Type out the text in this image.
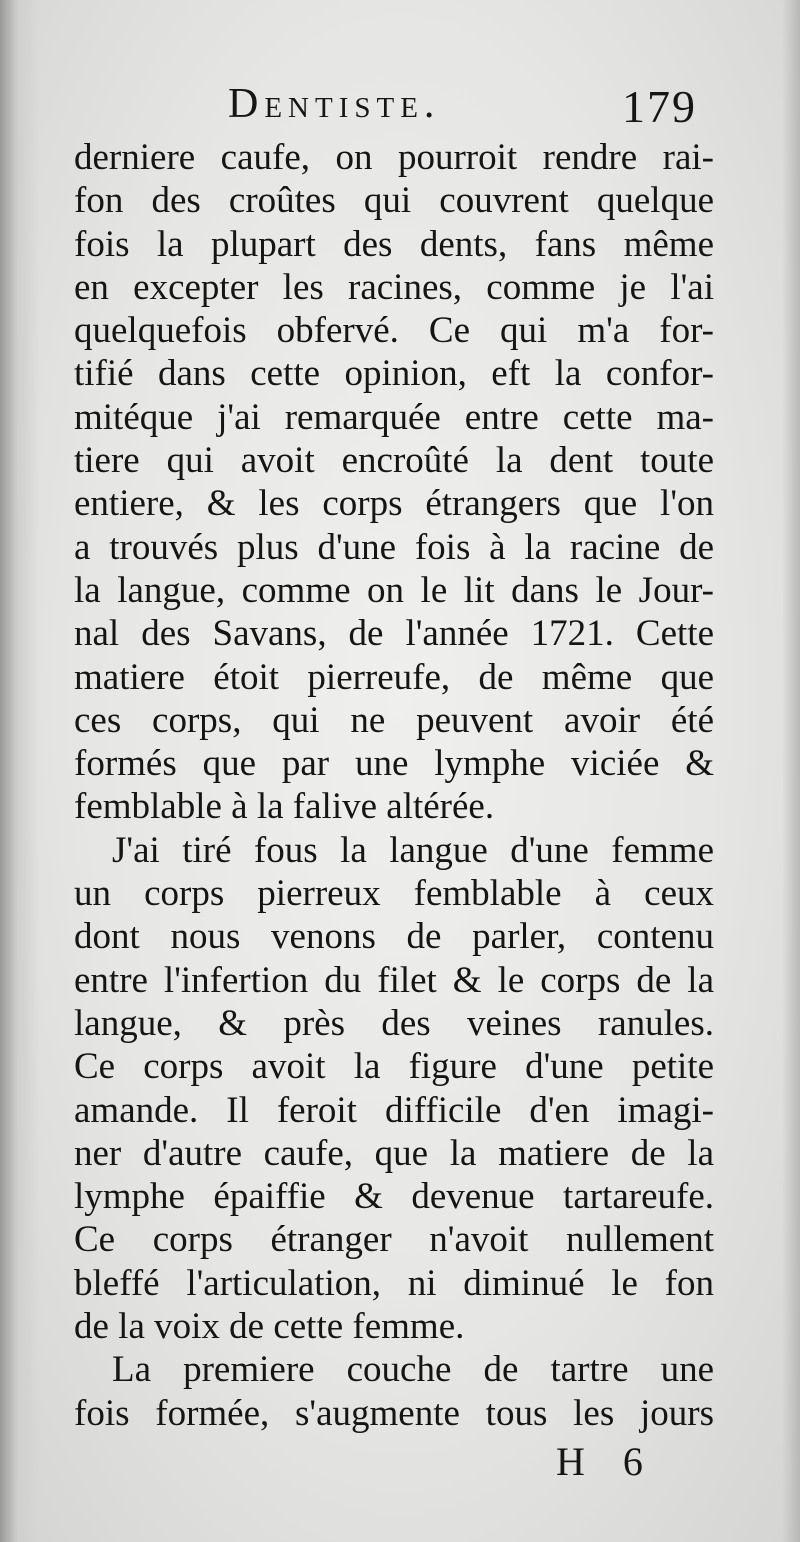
Dentiste.	179
derniere caufe, on pourroit rendre rai-
fon des croûtes qui couvrent quelque
fois la plupart des dents, fans même
en excepter les racines, comme je l'ai
quelquefois obfervé. Ce qui m'a for-
tifié dans cette opinion, eft la confor-
mitéque j'ai remarquée entre cette ma-
tiere qui avoit encroûté la dent toute
entiere, & les corps étrangers que l'on
a trouvés plus d'une fois à la racine de
la langue, comme on le lit dans le Jour-
nal des Savans, de l'année 1721. Cette
matiere étoit pierreufe, de même que
ces corps, qui ne peuvent avoir été
formés que par une lymphe viciée &
femblable à la falive altérée.
J'ai tiré fous la langue d'une femme
un corps pierreux femblable à ceux
dont nous venons de parler, contenu
entre l'infertion du filet & le corps de la
langue, & près des veines ranules.
Ce corps avoit la figure d'une petite
amande. Il feroit difficile d'en imagi-
ner d'autre caufe, que la matiere de la
lymphe épaiffie & devenue tartareufe.
Ce corps étranger n'avoit nullement
bleffé l'articulation, ni diminué le fon
de la voix de cette femme.
La premiere couche de tartre une
fois formée, s'augmente tous les jours
H 6
